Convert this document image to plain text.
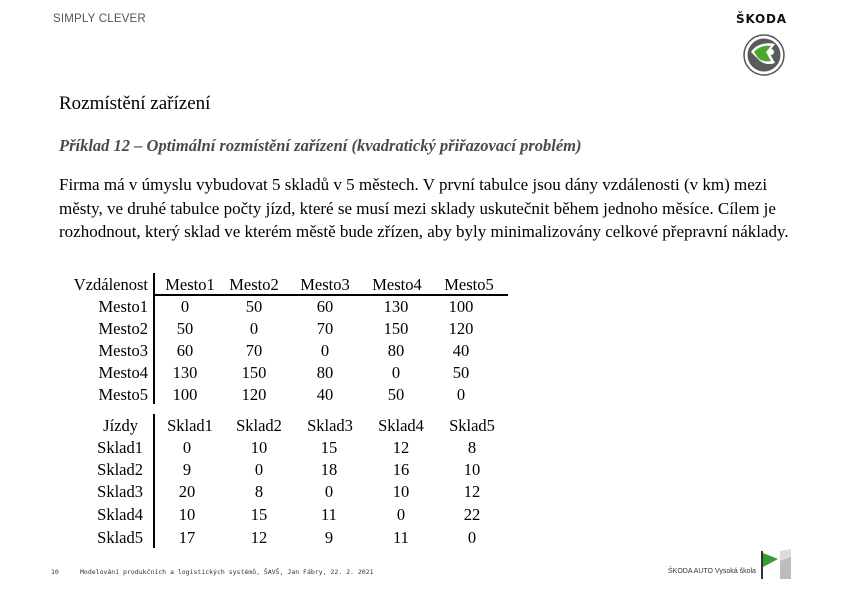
SIMPLY CLEVER	ŠKODA
Rozmístění zařízení
Příklad 12 – Optimální rozmístění zařízení (kvadratický přiřazovací problém)
Firma má v úmyslu vybudovat 5 skladů v 5 městech. V první tabulce jsou dány vzdálenosti (v km) mezi městy, ve druhé tabulce počty jízd, které se musí mezi sklady uskutečnit během jednoho měsíce. Cílem je rozhodnout, který sklad ve kterém městě bude zřízen, aby byly minimalizovány celkové přepravní náklady.
Vzdálenost	Mesto1 Mesto2	Mesto3	Mesto4	Mesto5
Mesto1	0	50	60	130	100
Mesto2	50	0	70	150	120
Mesto3	60	70	0	80	40
Mesto4	130	150	80	0	50
Mesto5	100	120	40	50	0
Jízdy	Sklad1	Sklad2	Sklad3	Sklad4	Sklad5
Sklad1	0	10	15	12	8
Sklad2	9	0	18	16	10
Sklad3	20	8	0	10	12
Sklad4	10	15	11	0	22
Sklad5	17	12	9	11	0
10	Modelování produkčních a logistických systémů, ŠAVŠ, Jan Fábry, 22. 2. 2021	ŠKODA AUTO Vysoká škola
